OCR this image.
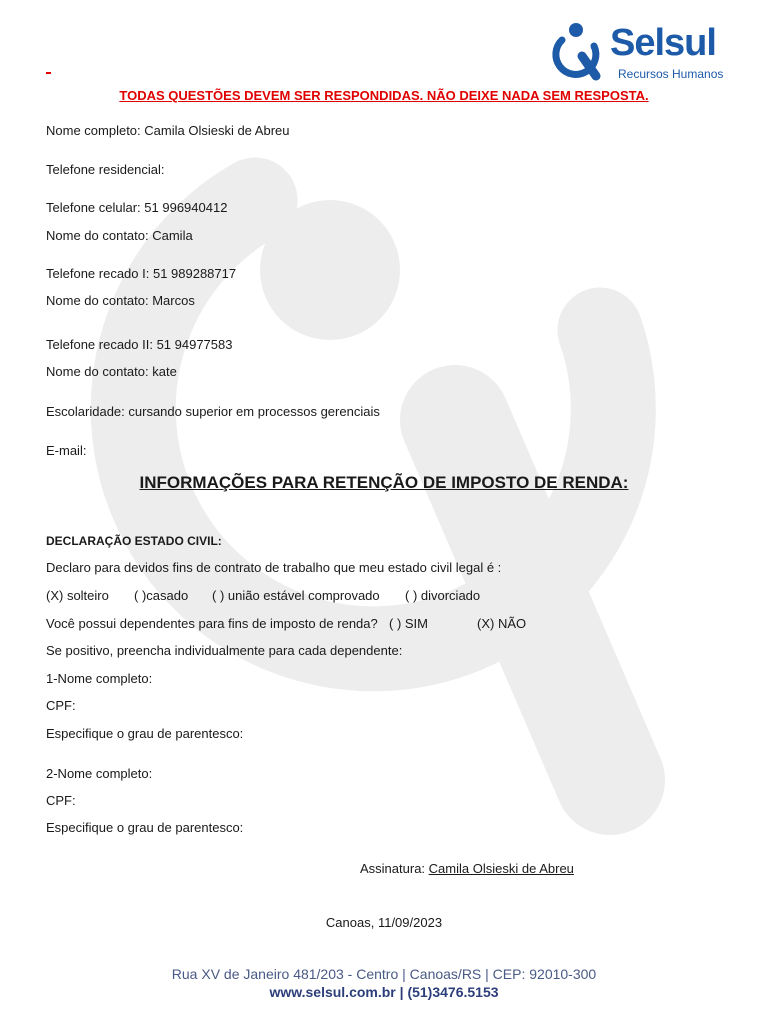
Selsul
Recursos Humanos
TODAS QUESTÕES DEVEM SER RESPONDIDAS. NÃO DEIXE NADA SEM RESPOSTA.
Nome completo: Camila Olsieski de Abreu
Telefone residencial:
Telefone celular: 51 996940412
Nome do contato: Camila
Telefone recado I: 51 989288717
Nome do contato: Marcos
Telefone recado II: 51 94977583
Nome do contato: kate
Escolaridade: cursando superior em processos gerenciais
E-mail:
INFORMAÇÕES PARA RETENÇÃO DE IMPOSTO DE RENDA:
DECLARAÇÃO ESTADO CIVIL:
Declaro para devidos fins de contrato de trabalho que meu estado civil legal é :
(X) solteiro ( )casado ( ) união estável comprovado ( ) divorciado
Você possui dependentes para fins de imposto de renda? ( ) SIM	(X) NÃO
Se positivo, preencha individualmente para cada dependente:
1-Nome completo:
CPF:
Especifique o grau de parentesco:
2-Nome completo:
CPF:
Especifique o grau de parentesco:
Assinatura: Camila Olsieski de Abreu
Canoas, 11/09/2023
Rua XV de Janeiro 481/203 - Centro | Canoas/RS | CEP: 92010-300
www.selsul.com.br | (51)3476.5153
